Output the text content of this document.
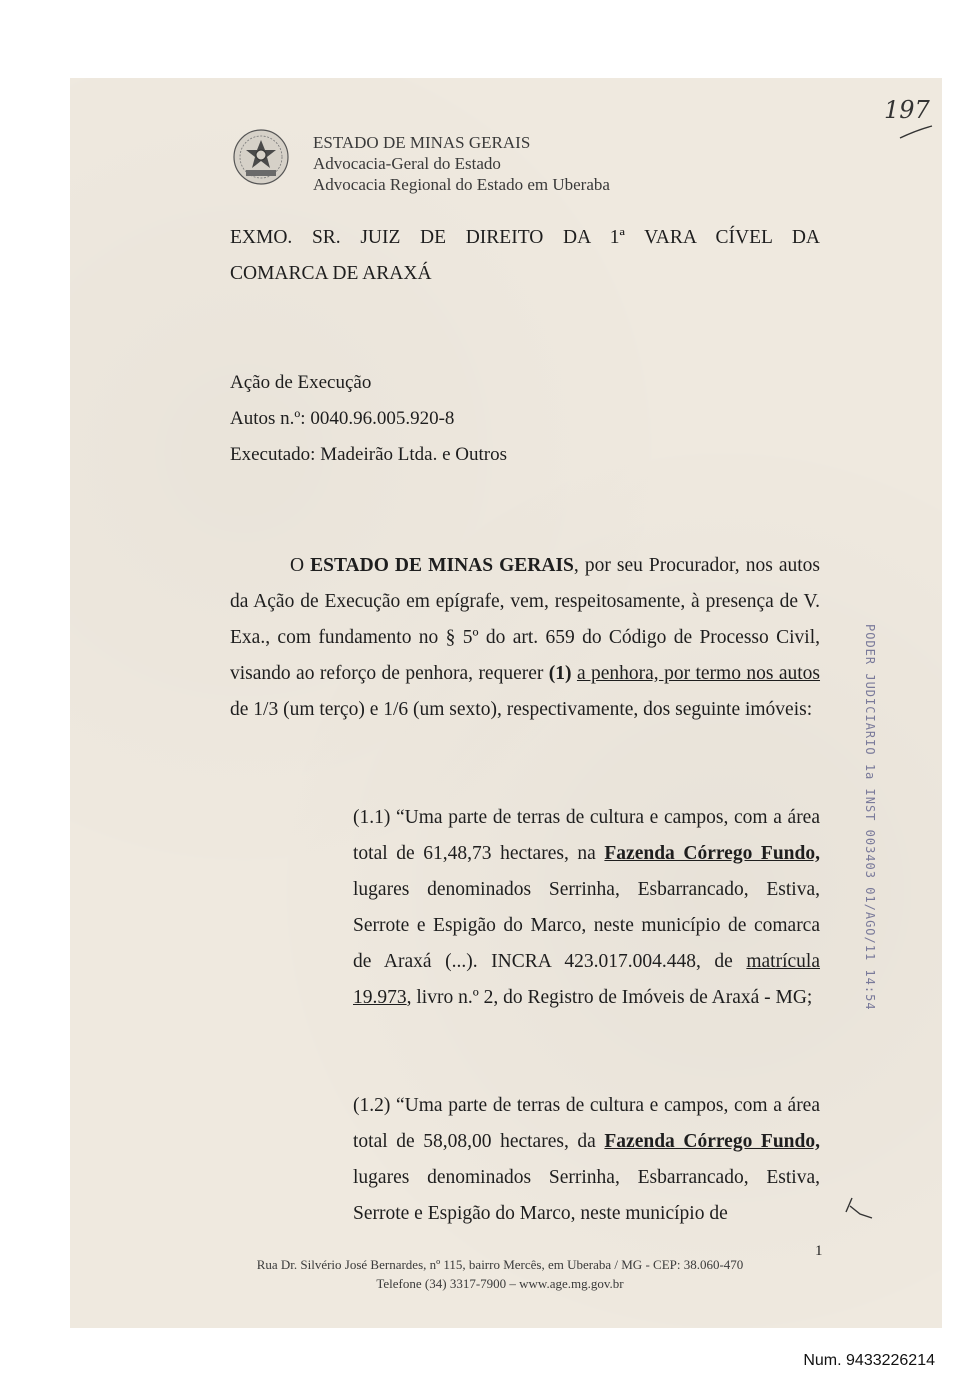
ESTADO DE MINAS GERAIS
Advocacia-Geral do Estado
Advocacia Regional do Estado em Uberaba
197
EXMO. SR. JUIZ DE DIREITO DA 1ª VARA CÍVEL DA
COMARCA DE ARAXÁ
Ação de Execução
Autos n.º: 0040.96.005.920-8
Executado: Madeirão Ltda. e Outros

O ESTADO DE MINAS GERAIS, por seu Procurador, nos autos da Ação de Execução em epígrafe, vem, respeitosamente, à presença de V. Exa., com fundamento no § 5º do art. 659 do Código de Processo Civil, visando ao reforço de penhora, requerer (1) a penhora, por termo nos autos de 1/3 (um terço) e 1/6 (um sexto), respectivamente, dos seguinte imóveis:

(1.1) “Uma parte de terras de cultura e campos, com a área total de 61,48,73 hectares, na Fazenda Córrego Fundo, lugares denominados Serrinha, Esbarrancado, Estiva, Serrote e Espigão do Marco, neste município de comarca de Araxá (...). INCRA 423.017.004.448, de matrícula 19.973, livro n.º 2, do Registro de Imóveis de Araxá - MG;

(1.2) “Uma parte de terras de cultura e campos, com a área total de 58,08,00 hectares, da Fazenda Córrego Fundo, lugares denominados Serrinha, Esbarrancado, Estiva, Serrote e Espigão do Marco, neste município de

PODER JUDICIARIO 1a INST 003403 01/AGO/11 14:54
1
Rua Dr. Silvério José Bernardes, nº 115, bairro Mercês, em Uberaba / MG - CEP: 38.060-470
Telefone (34) 3317-7900 – www.age.mg.gov.br
Num. 9433226214
